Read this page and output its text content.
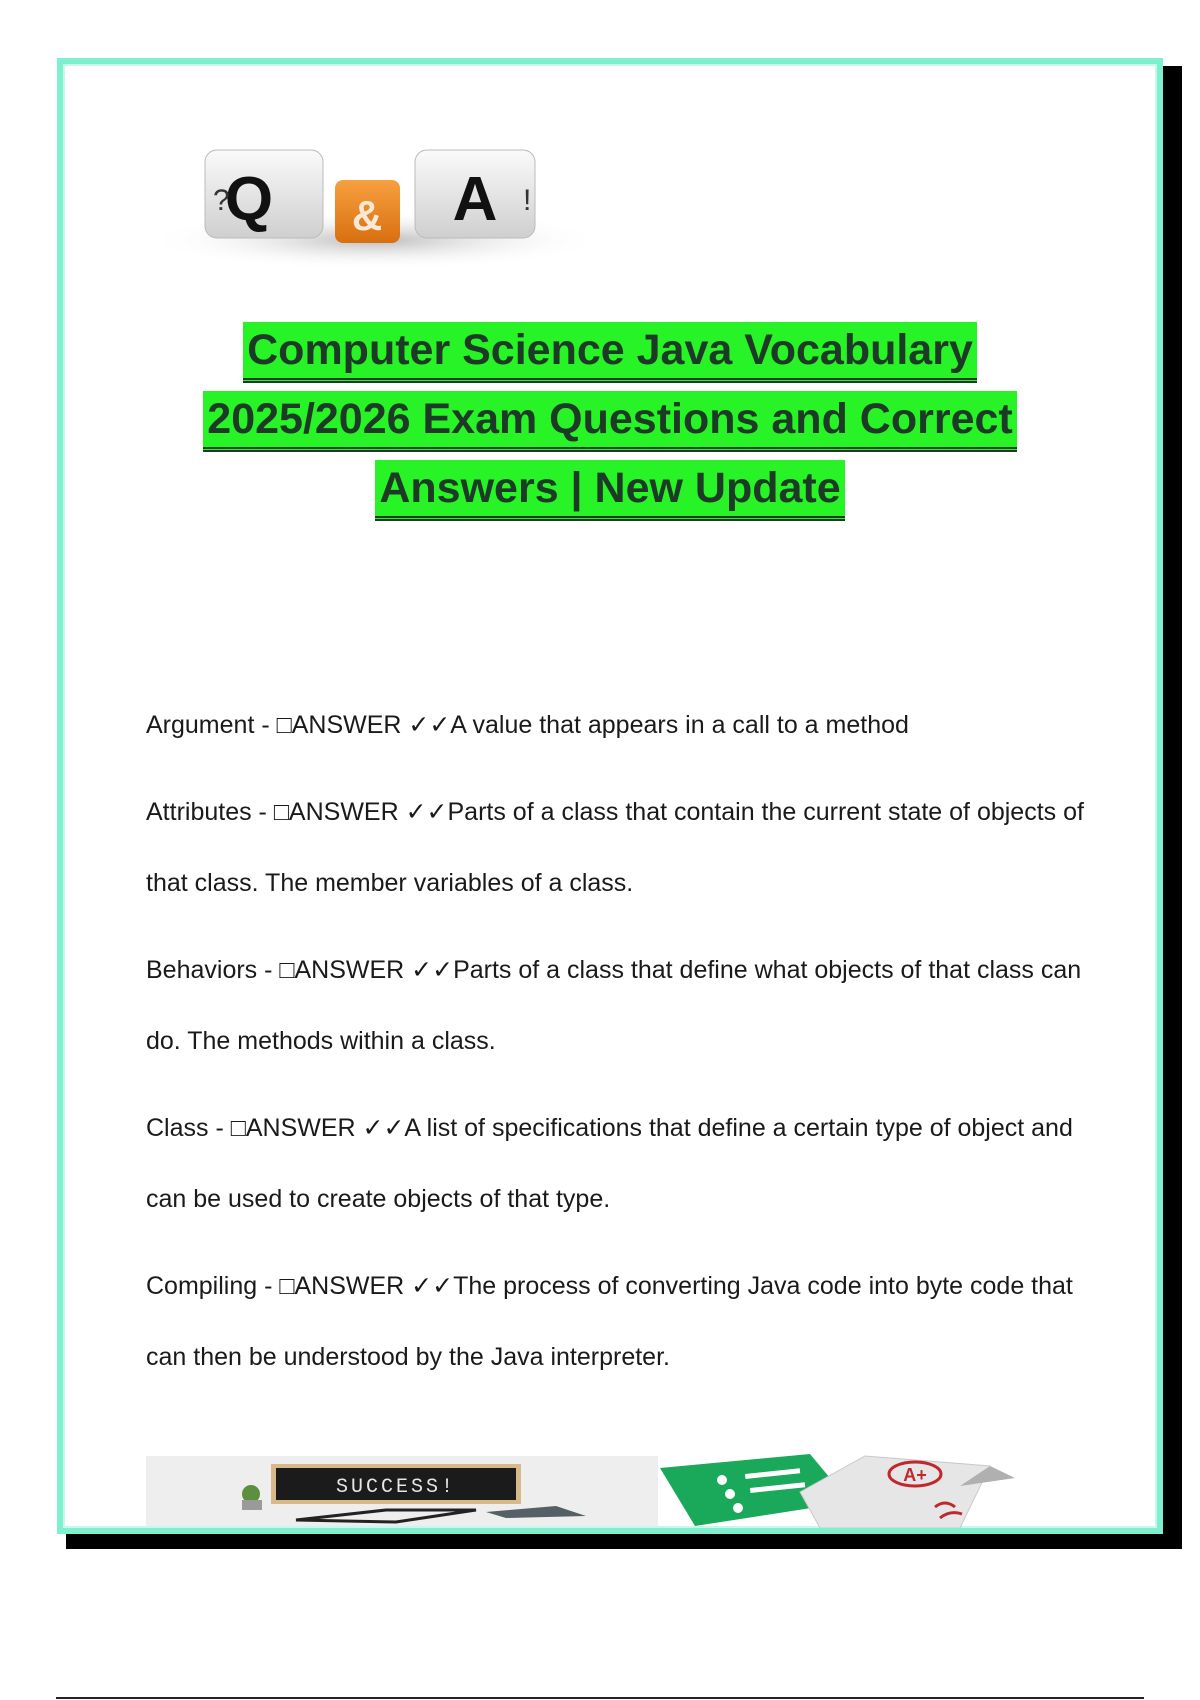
Q & A
?	!
Computer Science Java Vocabulary
2025/2026 Exam Questions and Correct
Answers | New Update

Argument - □ANSWER ✓✓A value that appears in a call to a method

Attributes - □ANSWER ✓✓Parts of a class that contain the current state of objects of that class. The member variables of a class.

Behaviors - □ANSWER ✓✓Parts of a class that define what objects of that class can do. The methods within a class.

Class - □ANSWER ✓✓A list of specifications that define a certain type of object and can be used to create objects of that type.

Compiling - □ANSWER ✓✓The process of converting Java code into byte code that can then be understood by the Java interpreter.

SUCCESS!
A+
